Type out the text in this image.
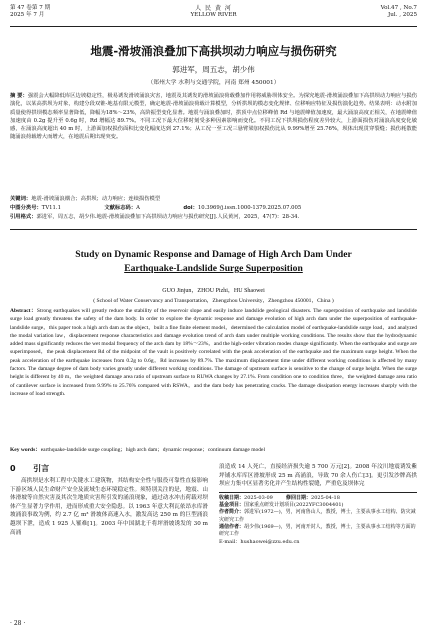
第 47 卷第 7 期
2025 年 7 月
人 民 黄 河
YELLOW RIVER
Vol.47 , No.7
Jul. , 2025
地震-滑坡涌浪叠加下高拱坝动力响应与损伤研究
郭进军，周五志，胡少伟
（郑州大学 水利与交通学院，河南 郑州 450001）
摘 要：强震会大幅降低库区边坡稳定性，极易诱发滑坡涌浪灾害，地震及其诱发的滑坡涌浪荷载叠加作用将威胁坝体安全。为探究地震-滑坡涌浪叠加下高拱坝动力响应与损伤演化，以某高拱坝为对象，构建分段双锥-地基有限元模型，确定地震-滑坡涌浪荷载计算模型，分析拱坝的模态变化规律、位移响应特征及损伤演化趋势。结果表明：动水附加质量使得拱坝模态频率显著降低，降幅为18%～23%，高阶振型变化显著。地震与涌浪叠加时，拱顶中点位移峰值 Rd 与地震峰值加速度，最大涌浪高度正相关，在地震峰值加速度由 0.2g 提升至 0.6g 时，Rd 增幅达 89.7%。不同工况下最大位移时刻受多种因素影响而变化。不同工况下拱坝损伤程度差异较大，上游面损伤对涌浪高度变化敏感，在涌浪高度超出 40 m 时，上游面加权损伤面积比变化幅度达到 27.1%；从工况一至工况三悬臂梁加权损伤比从 9.99%增至 25.76%，坝体出现贯穿裂缝；损伤耗散能随涌浪荷载增大而增大，在地震后期出现突变。
关键词：地震-滑坡涌浪耦合；高拱坝；动力响应；连续损伤模型
中图分类号：TV11.1	文献标志码：A	doi：10.3969/j.issn.1000-1379.2025.07.005
引用格式：郭进军，周五志，胡少伟.地震-滑坡涌浪叠加下高拱坝动力响应与损伤研究[J].人民黄河，2025，47(7)：28-34.
Study on Dynamic Response and Damage of High Arch Dam Under
Earthquake-Landslide Surge Superposition
GUO Jinjun，ZHOU Pizhi，HU Shaowei
( School of Water Conservancy and Transportation，Zhengzhou University，Zhengzhou 450001，China )
Abstract：Strong earthquakes will greatly reduce the stability of the reservoir slope and easily induce landslide geological disasters. The superposition of earthquake and landslide surge load greatly threatens the safety of the dam body. In order to explore the dynamic response and damage evolution of high arch dam under the superposition of earthquake-landslide surge，this paper took a high arch dam as the object，built a fine finite element model，determined the calculation model of earthquake-landslide surge load，and analyzed the modal variation law，displacement response characteristics and damage evolution trend of arch dam under multiple working conditions. The results show that the hydrodynamic added mass significantly reduces the wet modal frequency of the arch dam by 18%～23%，and the high-order vibration modes change significantly. When the earthquake and surge are superimposed，the peak displacement Rd of the midpoint of the vault is positively correlated with the peak acceleration of the earthquake and the maximum surge height. When the peak acceleration of the earthquake increases from 0.2g to 0.6g，Rd increases by 89.7%. The maximum displacement time under different working conditions is affected by many factors. The damage degree of dam body varies greatly under different working conditions. The damage of upstream surface is sensitive to the change of surge height. When the surge height is different by 40 m，the weighted damage area ratio of upstream surface to RUWA changes by 27.1%. From condition one to condition three，the weighted damage area ratio of cantilever surface is increased from 9.99% to 25.76% compared with RSWA，and the dam body has penetrating cracks. The damage dissipation energy increases sharply with the increase of load strength.
Key words：earthquake-landslide surge coupling；high arch dam；dynamic response；continuum damage model
0 引言
高拱坝是水利工程中关键水工建筑物，其结构安全性与服役可靠性直接影响下游区域人民生命财产安全及流域生态环境稳定性。须特别关注的是，地震、山体滑坡等自然灾害及其次生地质灾害所引发的涌浪现象，通过动水冲击荷载对坝体产生显著力学作用，进而形成重大安全隐患。以 1963 年意大利瓦依昂水库滑坡涌浪事故为例，约 2.7 亿 m³ 滑坡体高速入水，激发高达 250 m 的巨型涌浪越坝下泄，造成 1 925 人罹难[1]。2003 年中国湖北千将坪滑坡诱发的 30 m 高涌
浪造成 14 人死亡，直接经济损失逾 5 700 万元[2]。2008 年汶川地震诱发紫坪铺水库库区滑坡形成 25 m 高涌浪，导致 70 余人伤亡[3]。更引发沙牌高拱坝应力集中区显著劣化并产生结构性裂缝，严重危及坝体完
收稿日期：2025-03-09	修回日期：2025-04-18
基金项目：国家重点研发计划项目(2022YFC3004401)
作者简介：郭进军(1972—)，男，河南鲁山人，教授，博士，主要从事水工结构、防灾减灾研究工作
通信作者：胡少伟(1969—)，男，河南开封人，教授，博士，主要从事水工结构等方面的研究工作
E-mail：hushaowei@zzu.edu.cn
· 28 ·
